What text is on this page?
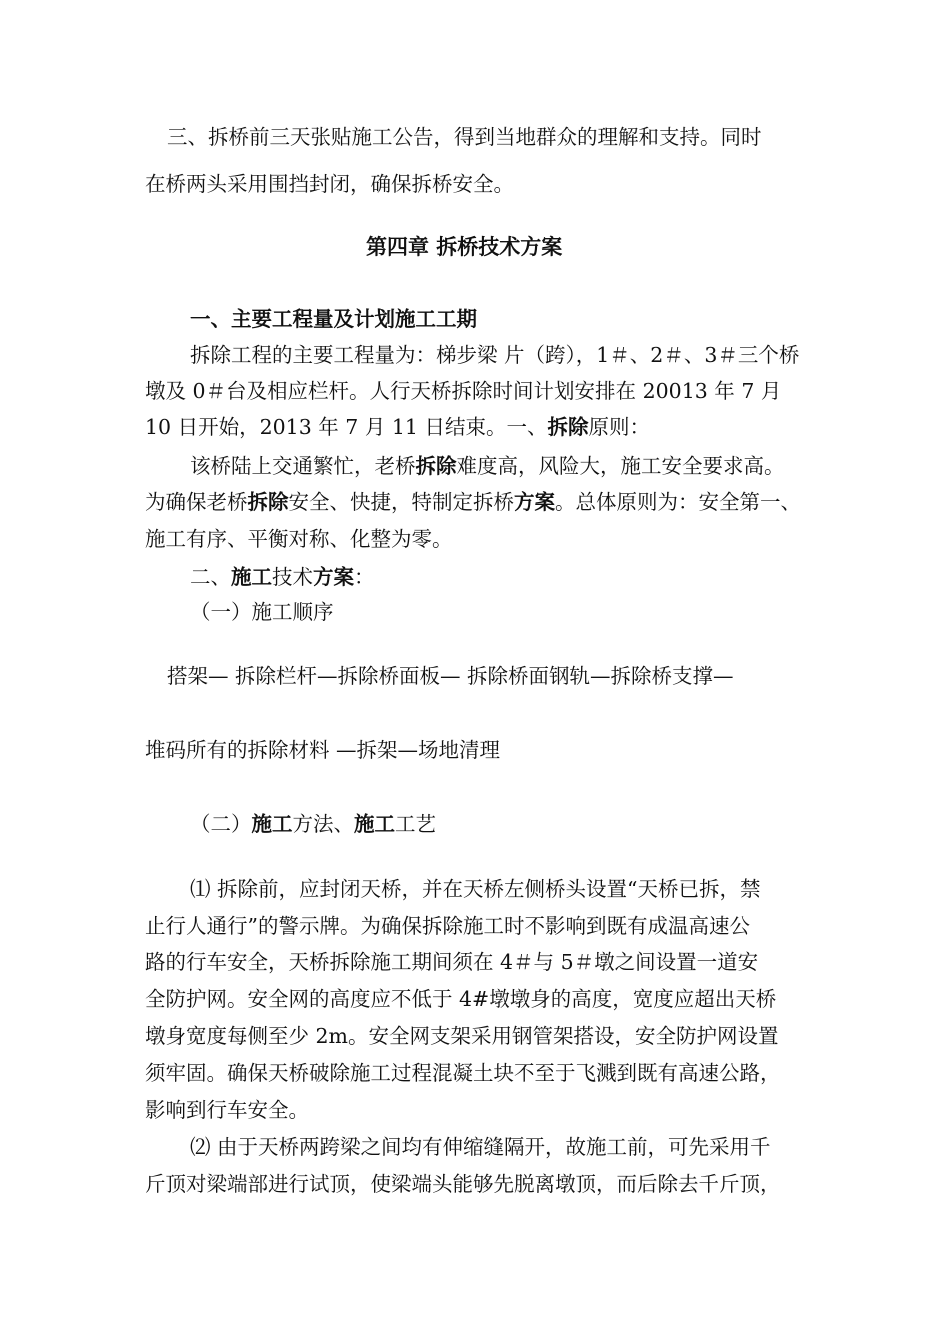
三、拆桥前三天张贴施工公告，得到当地群众的理解和支持。同时
在桥两头采用围挡封闭，确保拆桥安全。
第四章 拆桥技术方案
一、主要工程量及计划施工工期
拆除工程的主要工程量为：梯步梁 片（跨），1＃、2＃、3＃三个桥
墩及 0＃台及相应栏杆。人行天桥拆除时间计划安排在 20013 年 7 月
10 日开始，2013 年 7 月 11 日结束。一、拆除原则：
该桥陆上交通繁忙，老桥拆除难度高，风险大，施工安全要求高。
为确保老桥拆除安全、快捷，特制定拆桥方案。总体原则为：安全第一、
施工有序、平衡对称、化整为零。
二、施工技术方案：
（一）施工顺序
搭架— 拆除栏杆—拆除桥面板— 拆除桥面钢轨—拆除桥支撑—
堆码所有的拆除材料 —拆架—场地清理
（二）施工方法、施工工艺
⑴ 拆除前，应封闭天桥，并在天桥左侧桥头设置“天桥已拆，禁
止行人通行”的警示牌。为确保拆除施工时不影响到既有成温高速公
路的行车安全，天桥拆除施工期间须在 4＃与 5＃墩之间设置一道安
全防护网。安全网的高度应不低于 4#墩墩身的高度，宽度应超出天桥
墩身宽度每侧至少 2m。安全网支架采用钢管架搭设，安全防护网设置
须牢固。确保天桥破除施工过程混凝土块不至于飞溅到既有高速公路，
影响到行车安全。
⑵ 由于天桥两跨梁之间均有伸缩缝隔开，故施工前，可先采用千
斤顶对梁端部进行试顶，使梁端头能够先脱离墩顶，而后除去千斤顶，
